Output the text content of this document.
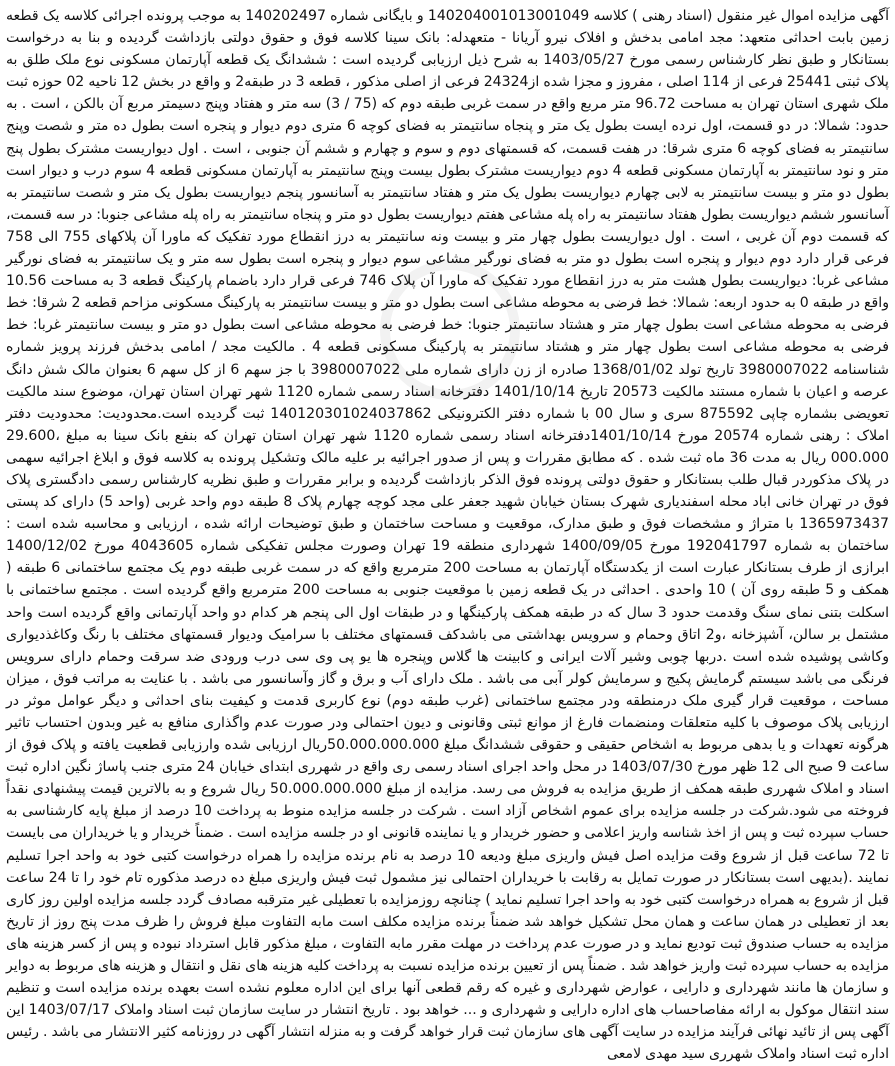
آگهی مزایده اموال غیر منقول (اسناد رهنی ) کلاسه 140204001013001049 و بایگانی شماره 140202497 به موجب پرونده اجرائی کلاسه یک قطعه زمین بابت احداثی متعهد: مجد امامی بدخش و افلاک نیرو آریانا - متعهدله: بانک سینا کلاسه فوق و حقوق دولتی بازداشت گردیده و بنا به درخواست بستانکار و طبق نظر کارشناس رسمی مورخ 1403/05/27 به شرح ذیل ارزیابی گردیده است : ششدانگ یک قطعه آپارتمان مسکونی نوع ملک طلق به پلاک ثبتی 25441 فرعی از 114 اصلی ، مفروز و مجزا شده از24324 فرعی از اصلی مذکور ، قطعه 3 در طبقه2 و واقع در بخش 12 ناحیه 02 حوزه ثبت ملک شهری استان تهران به مساحت 96.72 متر مربع واقع در سمت غربی طبقه دوم که (75 / 3) سه متر و هفتاد وپنج دسیمتر مربع آن بالکن ، است . به حدود: شمالا: در دو قسمت، اول نرده ایست بطول یک متر و پنجاه سانتیمتر به فضای کوچه 6 متری دوم دیوار و پنجره است بطول ده متر و شصت وپنج سانتیمتر به فضای کوچه 6 متری شرقا: در هفت قسمت، که قسمتهای دوم و سوم و چهارم و ششم آن جنوبی ، است . اول دیواریست مشترک بطول پنج متر و نود سانتیمتر به آپارتمان مسکونی قطعه 4 دوم دیواریست مشترک بطول بیست وپنج سانتیمتر به آپارتمان مسکونی قطعه 4 سوم درب و دیوار است بطول دو متر و بیست سانتیمتر به لابی چهارم دیواریست بطول یک متر و هفتاد سانتیمتر به آسانسور پنجم دیواریست بطول یک متر و شصت سانتیمتر به آسانسور ششم دیواریست بطول هفتاد سانتیمتر به راه پله مشاعی هفتم دیواریست بطول دو متر و پنجاه سانتیمتر به راه پله مشاعی جنوبا: در سه قسمت، که قسمت دوم آن غربی ، است . اول دیواریست بطول چهار متر و بیست ونه سانتیمتر به درز انقطاع مورد تفکیک که ماورا آن پلاکهای 755 الی 758 فرعی قرار دارد دوم دیوار و پنجره است بطول دو متر به فضای نورگیر مشاعی سوم دیوار و پنجره است بطول سه متر و یک سانتیمتر به فضای نورگیر مشاعی غربا: دیواریست بطول هشت متر به درز انقطاع مورد تفکیک که ماورا آن پلاک 746 فرعی قرار دارد باضمام پارکینگ قطعه 3 به مساحت 10.56 واقع در طبقه 0 به حدود اربعه: شمالا: خط فرضی به محوطه مشاعی است بطول دو متر و بیست سانتیمتر به پارکینگ مسکونی مزاحم قطعه 2 شرقا: خط فرضی به محوطه مشاعی است بطول چهار متر و هشتاد سانتیمتر جنوبا: خط فرضی به محوطه مشاعی است بطول دو متر و بیست سانتیمتر غربا: خط فرضی به محوطه مشاعی است بطول چهار متر و هشتاد سانتیمتر به پارکینگ مسکونی قطعه 4 . مالکیت مجد / امامی بدخش فرزند پرویز شماره شناسنامه 3980007022 تاریخ تولد 1368/01/02 صادره از زن دارای شماره ملی 3980007022 با جز سهم 6 از کل سهم 6 بعنوان مالک شش دانگ عرصه و اعیان با شماره مستند مالکیت 20573 تاریخ 1401/10/14 دفترخانه اسناد رسمی شماره 1120 شهر تهران استان تهران، موضوع سند مالکیت تعویضی بشماره چاپی 875592 سری و سال 00 با شماره دفتر الکترونیکی 140120301024037862 ثبت گردیده است.محدودیت: محدودیت دفتر املاک : رهنی شماره 20574 مورخ 1401/10/14دفترخانه اسناد رسمی شماره 1120 شهر تهران استان تهران که بنفع بانک سینا به مبلغ ،29.600 000.000 ریال به مدت 36 ماه ثبت شده . که مطابق مقررات و پس از صدور اجرائیه بر علیه مالک وتشکیل پرونده به کلاسه فوق و ابلاغ اجرائیه سهمی در پلاک مذکوردر قبال طلب بستانکار و حقوق دولتی پرونده فوق الذکر بازداشت گردیده و برابر مقررات و طبق نظریه کارشناس رسمی دادگستری پلاک فوق در تهران خانی اباد محله اسفندیاری شهرک بستان خیابان شهید جعفر علی مجد کوچه چهارم پلاک 8 طبقه دوم واحد غربی (واحد 5) دارای کد پستی 1365973437 با متراژ و مشخصات فوق و طبق مدارک، موقعیت و مساحت ساختمان و طبق توضیحات ارائه شده ، ارزیابی و محاسبه شده است : ساختمان به شماره 192041797 مورخ 1400/09/05 شهرداری منطقه 19 تهران وصورت مجلس تفکیکی شماره 4043605 مورخ 1400/12/02 ابرازی از طرف بستانکار عبارت است از یکدستگاه آپارتمان به مساحت 200 مترمربع واقع که در سمت غربی طبقه دوم یک مجتمع ساختمانی 6 طبقه ( همکف و 5 طبقه روی آن ) 10 واحدی . احداثی در یک قطعه زمین با موقعیت جنوبی به مساحت 200 مترمربع واقع گردیده است . مجتمع ساختمانی با اسکلت بتنی نمای سنگ وقدمت حدود 3 سال که در طبقه همکف پارکینگها و در طبقات اول الی پنجم هر کدام دو واحد آپارتمانی واقع گردیده است واحد مشتمل بر سالن، آشپزخانه ،و2 اتاق وحمام و سرویس بهداشتی می باشدکف قسمتهای مختلف با سرامیک ودیوار قسمتهای مختلف با رنگ وکاغذدیواری وکاشی پوشیده شده است .دربها چوبی وشیر آلات ایرانی و کابینت ها گلاس وپنجره ها یو پی وی سی درب ورودی ضد سرقت وحمام دارای سرویس فرنگی می باشد سیستم گرمایش پکیج و سرمایش کولر آبی می باشد . ملک دارای آب و برق و گاز وآسانسور می باشد . با عنایت به مراتب فوق ، میزان مساحت ، موقعیت قرار گیری ملک درمنطقه ودر مجتمع ساختمانی (غرب طبقه دوم) نوع کاربری قدمت و کیفیت بنای احداثی و دیگر عوامل موثر در ارزیابی پلاک موصوف با کلیه متعلقات ومنضمات فارغ از موانع ثبتی وقانونی و دیون احتمالی ودر صورت عدم واگذاری منافع به غیر وبدون احتساب تاثیر هرگونه تعهدات و یا بدهی مربوط به اشخاص حقیقی و حقوقی ششدانگ مبلغ 50.000.000.000ریال ارزیابی شده وارزیابی قطعیت یافته و پلاک فوق از ساعت 9 صبح الی 12 ظهر مورخ 1403/07/30 در محل واحد اجرای اسناد رسمی ری واقع در شهرری ابتدای خیابان 24 متری جنب پاساژ نگین اداره ثبت اسناد و املاک شهرری طبقه همکف از طریق مزایده به فروش می رسد. مزایده از مبلغ 50.000.000.000 ریال شروع و به بالاترین قیمت پیشنهادی نقداً فروخته می شود.شرکت در جلسه مزایده برای عموم اشخاص آزاد است . شرکت در جلسه مزایده منوط به پرداخت 10 درصد از مبلغ پایه کارشناسی به حساب سپرده ثبت و پس از اخذ شناسه واریز اعلامی و حضور خریدار و یا نماینده قانونی او در جلسه مزایده است . ضمناً خریدار و یا خریداران می بایست تا 72 ساعت قبل از شروع وقت مزایده اصل فیش واریزی مبلغ ودیعه 10 درصد به نام برنده مزایده را همراه درخواست کتبی خود به واحد اجرا تسلیم نمایند .(بدیهی است بستانکار در صورت تمایل به رقابت با خریداران احتمالی نیز مشمول ثبت فیش واریزی مبلغ ده درصد مذکوره تام خود را تا 24 ساعت قبل از شروع به همراه درخواست کتبی خود به واحد اجرا تسلیم نماید ) چنانچه روزمزایده با تعطیلی غیر مترقبه مصادف گردد جلسه مزایده اولین روز کاری بعد از تعطیلی در همان ساعت و همان محل تشکیل خواهد شد ضمناً برنده مزایده مکلف است مابه التفاوت مبلغ فروش را ظرف مدت پنج روز از تاریخ مزایده به حساب صندوق ثبت تودیع نماید و در صورت عدم پرداخت در مهلت مقرر مابه التفاوت ، مبلغ مذکور قابل استرداد نبوده و پس از کسر هزینه های مزایده به حساب سپرده ثبت واریز خواهد شد . ضمناً پس از تعیین برنده مزایده نسبت به پرداخت کلیه هزینه های نقل و انتقال و هزینه های مربوط به دوایر و سازمان ها مانند شهرداری و دارایی ، عوارض شهرداری و غیره که رقم قطعی آنها برای این اداره معلوم نشده است بعهده برنده مزایده است و تنظیم سند انتقال موکول به ارائه مفاصاحساب های اداره دارایی و شهرداری و ... خواهد بود . تاریخ انتشار در سایت سازمان ثبت اسناد واملاک 1403/07/17 این آگهی پس از تائید نهائی فرآیند مزایده در سایت آگهی های سازمان ثبت قرار خواهد گرفت و به منزله انتشار آگهی در روزنامه کثیر الانتشار می باشد . رئیس اداره ثبت اسناد واملاک شهرری سید مهدی لامعی
